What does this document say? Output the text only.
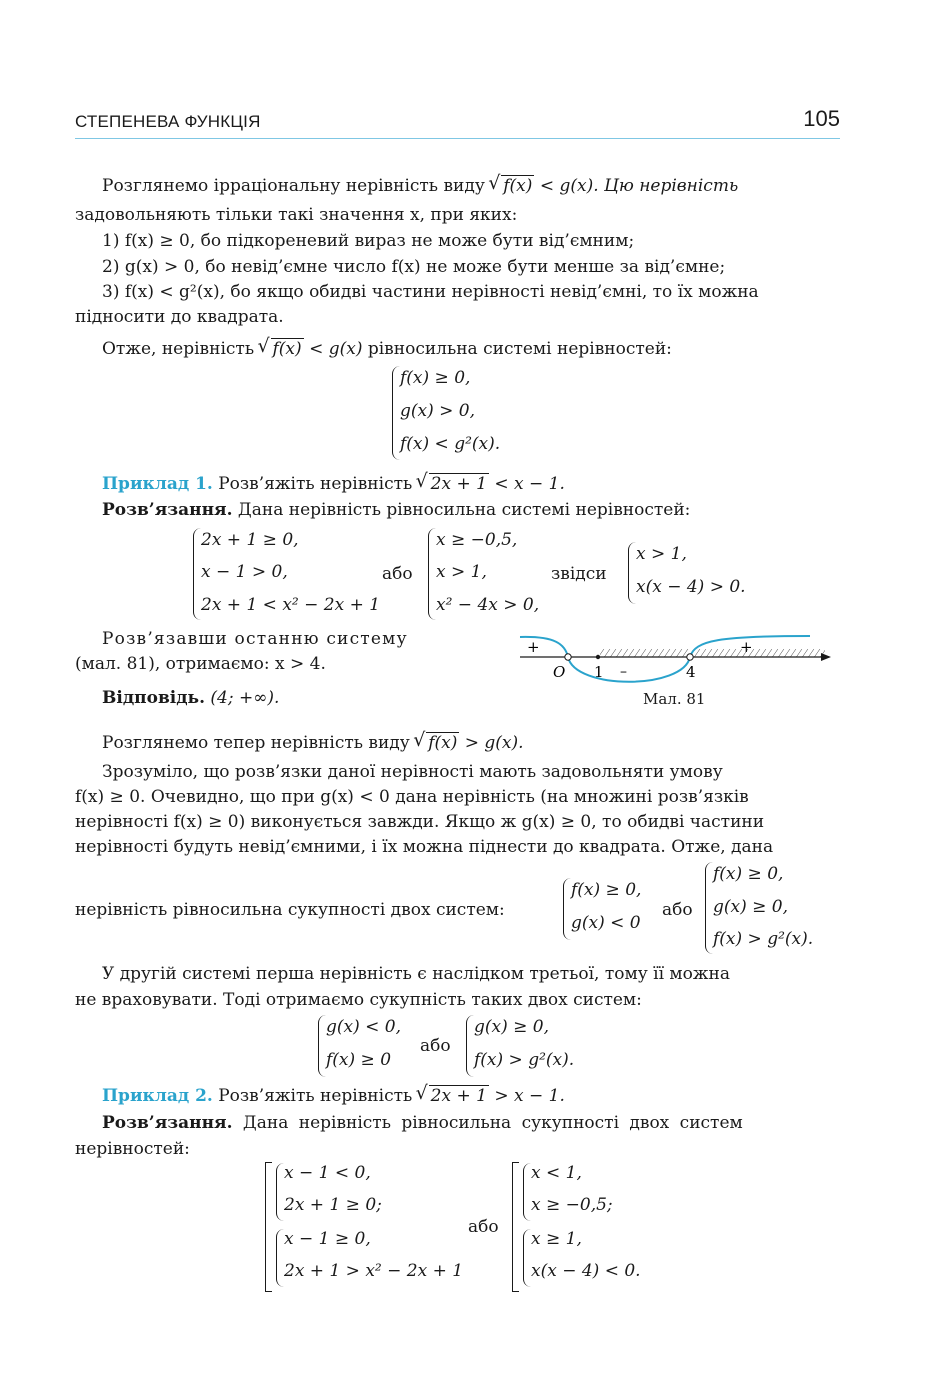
СТЕПЕНЕВА ФУНКЦІЯ	105
Розглянемо ірраціональну нерівність виду √ f(x) < g(x). Цю нерівність
задовольняють тільки такі значення x, при яких:
1) f(x) ≥ 0, бо підкореневий вираз не може бути від’ємним;
2) g(x) > 0, бо невід’ємне число f(x) не може бути менше за від’ємне;
3) f(x) < g²(x), бо якщо обидві частини нерівності невід’ємні, то їх можна
підносити до квадрата.
Отже, нерівність √ f(x) < g(x) рівносильна системі нерівностей:
f(x) ≥ 0,
g(x) > 0,
f(x) < g²(x).
Приклад 1. Розв’яжіть нерівність √ 2x + 1 < x − 1.
Розв’язання. Дана нерівність рівносильна системі нерівностей:
2x + 1 ≥ 0,
x − 1 > 0,
2x + 1 < x² − 2x + 1
або
x ≥ −0,5,
x > 1,
x² − 4x > 0,
звідси
x > 1,
x(x − 4) > 0.
Розв’язавши останню систему
(мал. 81), отримаємо: x > 4.
Відповідь. (4; +∞).
+
–
+
O 1	4
Мал. 81
Розглянемо тепер нерівність виду √ f(x) > g(x).
Зрозуміло, що розв’язки даної нерівності мають задовольняти умову
f(x) ≥ 0. Очевидно, що при g(x) < 0 дана нерівність (на множині розв’язків
нерівності f(x) ≥ 0) виконується завжди. Якщо ж g(x) ≥ 0, то обидві частини
нерівності будуть невід’ємними, і їх можна піднести до квадрата. Отже, дана
нерівність рівносильна сукупності двох систем:
f(x) ≥ 0,
g(x) < 0
або
f(x) ≥ 0,
g(x) ≥ 0,
f(x) > g²(x).
У другій системі перша нерівність є наслідком третьої, тому її можна
не враховувати. Тоді отримаємо сукупність таких двох систем:
g(x) < 0,
f(x) ≥ 0
або
g(x) ≥ 0,
f(x) > g²(x).
Приклад 2. Розв’яжіть нерівність √ 2x + 1 > x − 1.
Розв’язання. Дана нерівність рівносильна сукупності двох систем
нерівностей:
x − 1 < 0,
2x + 1 ≥ 0;
x − 1 ≥ 0,
2x + 1 > x² − 2x + 1
або
x < 1,
x ≥ −0,5;
x ≥ 1,
x(x − 4) < 0.
